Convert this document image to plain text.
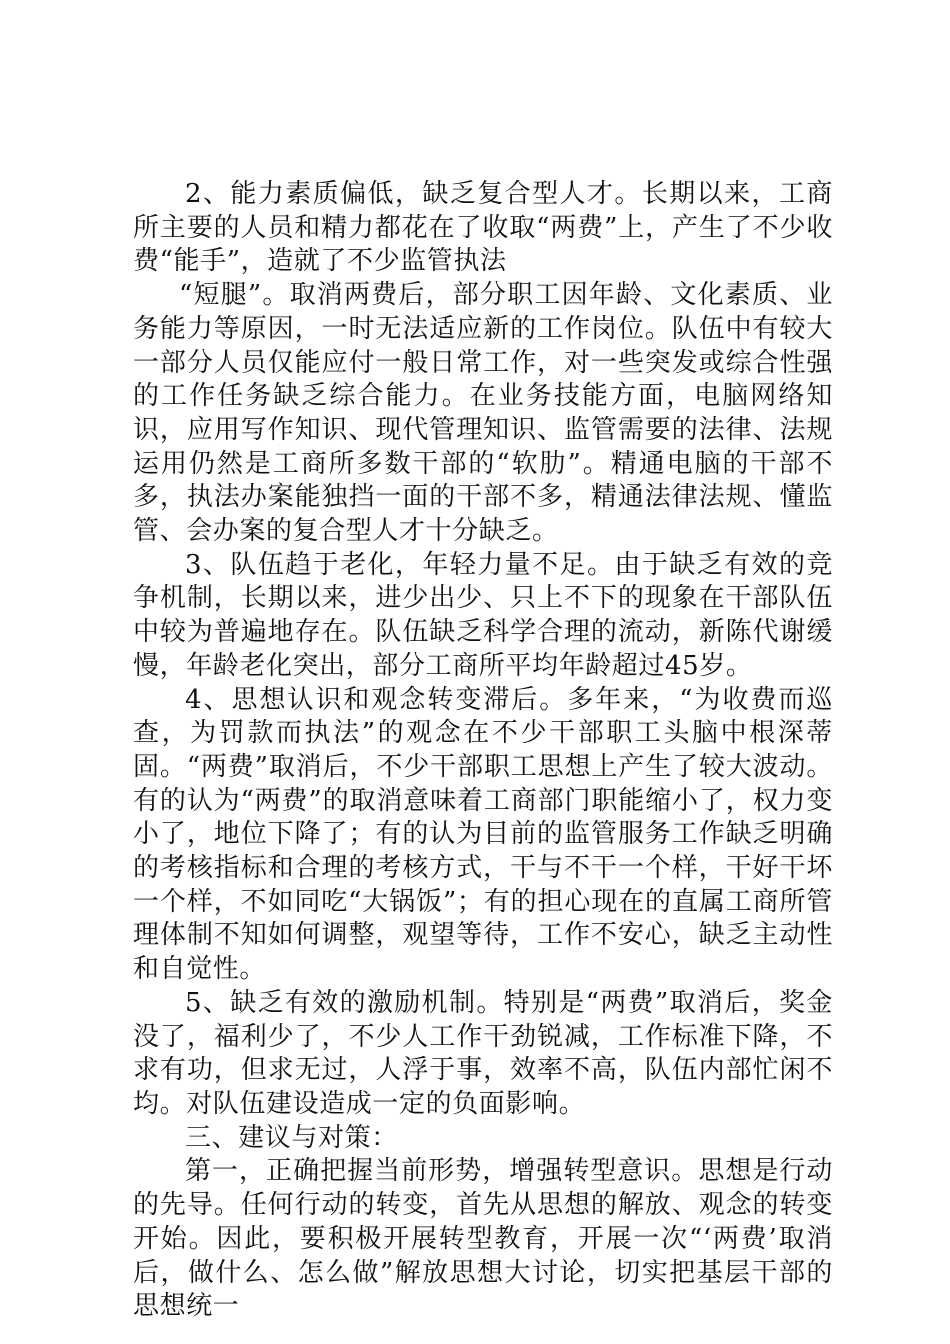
2、能力素质偏低，缺乏复合型人才。长期以来，工商所主要的人员和精力都花在了收取“两费”上，产生了不少收费“能手”，造就了不少监管执法

“短腿”。取消两费后，部分职工因年龄、文化素质、业务能力等原因，一时无法适应新的工作岗位。队伍中有较大一部分人员仅能应付一般日常工作，对一些突发或综合性强的工作任务缺乏综合能力。在业务技能方面，电脑网络知识，应用写作知识、现代管理知识、监管需要的法律、法规运用仍然是工商所多数干部的“软肋”。精通电脑的干部不多，执法办案能独挡一面的干部不多，精通法律法规、懂监管、会办案的复合型人才十分缺乏。

3、队伍趋于老化，年轻力量不足。由于缺乏有效的竞争机制，长期以来，进少出少、只上不下的现象在干部队伍中较为普遍地存在。队伍缺乏科学合理的流动，新陈代谢缓慢，年龄老化突出，部分工商所平均年龄超过45岁。

4、思想认识和观念转变滞后。多年来，“为收费而巡查，为罚款而执法”的观念在不少干部职工头脑中根深蒂固。“两费”取消后，不少干部职工思想上产生了较大波动。有的认为“两费”的取消意味着工商部门职能缩小了，权力变小了，地位下降了；有的认为目前的监管服务工作缺乏明确的考核指标和合理的考核方式，干与不干一个样，干好干坏一个样，不如同吃“大锅饭”；有的担心现在的直属工商所管理体制不知如何调整，观望等待，工作不安心，缺乏主动性和自觉性。

5、缺乏有效的激励机制。特别是“两费”取消后，奖金没了，福利少了，不少人工作干劲锐减，工作标准下降，不求有功，但求无过，人浮于事，效率不高，队伍内部忙闲不均。对队伍建设造成一定的负面影响。

三、建议与对策：

第一，正确把握当前形势，增强转型意识。思想是行动的先导。任何行动的转变，首先从思想的解放、观念的转变开始。因此，要积极开展转型教育，开展一次“‘两费’取消后，做什么、怎么做”解放思想大讨论，切实把基层干部的思想统一
